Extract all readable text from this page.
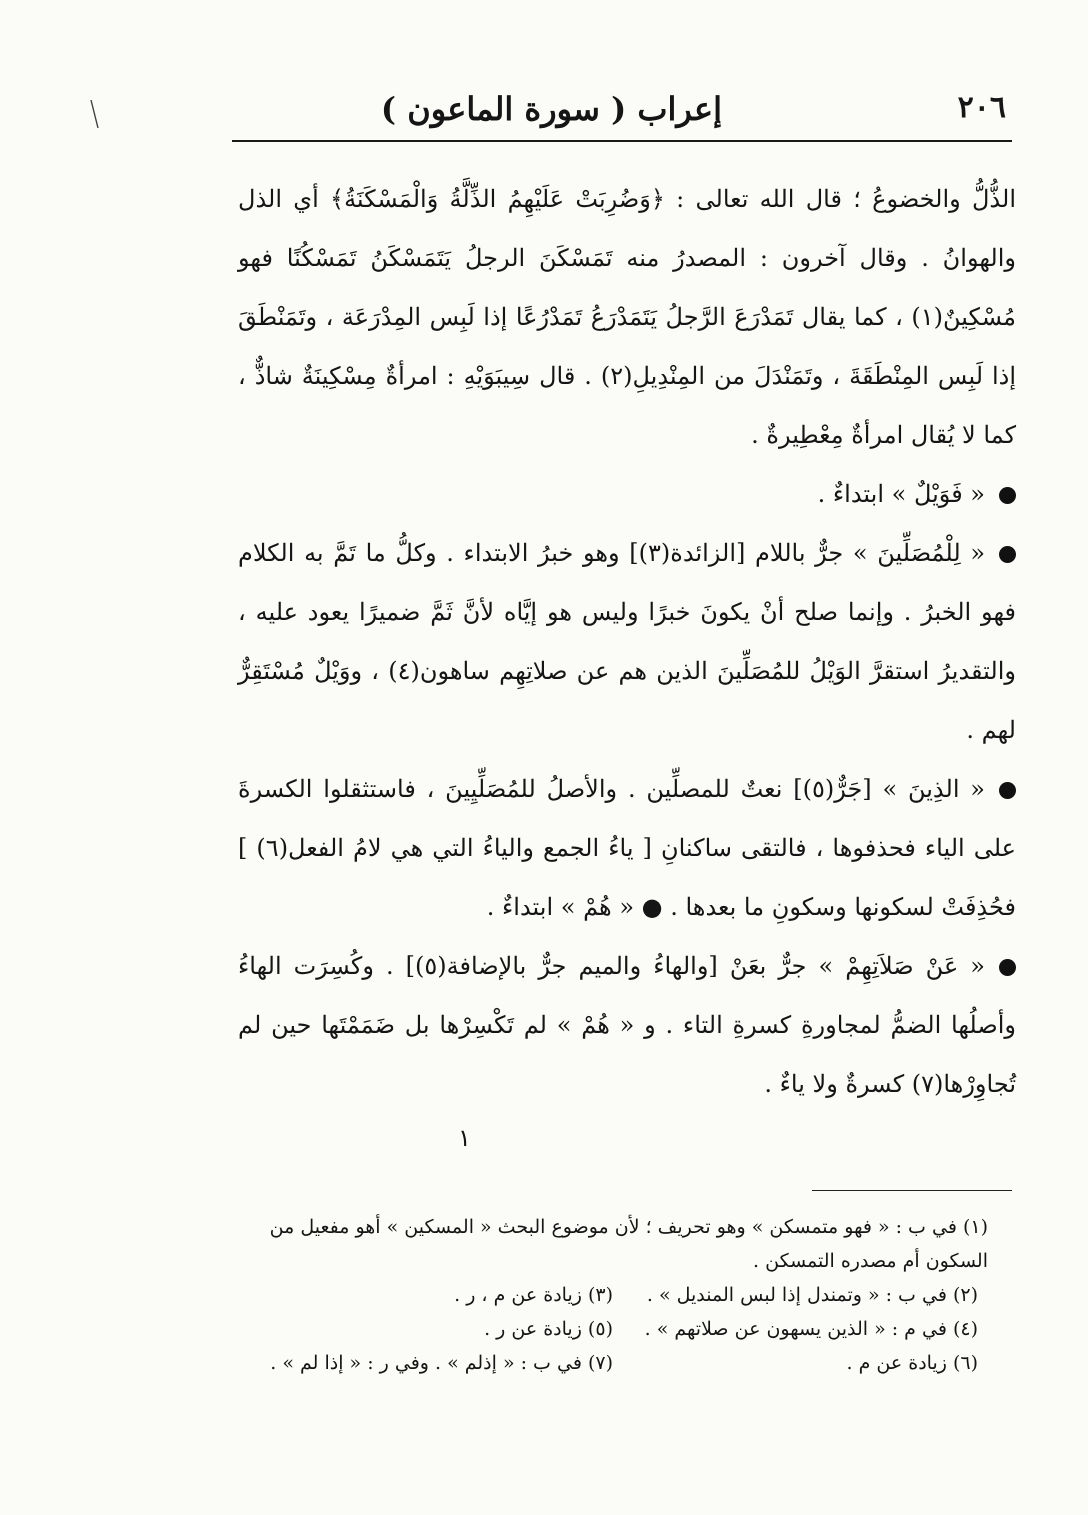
٢٠٦
إعراب ( سورة الماعون )

الذُّلُّ والخضوعُ ؛ قال الله تعالى : ﴿وَضُرِبَتْ عَلَيْهِمُ الذِّلَّةُ وَالْمَسْكَنَةُ﴾ أي الذل والهوانُ . وقال آخرون : المصدرُ منه تَمَسْكَنَ الرجلُ يَتَمَسْكَنُ تَمَسْكُنًا فهو مُسْكِينٌ(١) ، كما يقال تَمَدْرَعَ الرَّجلُ يَتَمَدْرَعُ تَمَدْرُعًا إذا لَبِس المِدْرَعَة ، وتَمَنْطَقَ إذا لَبِس المِنْطَقَةَ ، وتَمَنْدَلَ من المِنْدِيلِ(٢) . قال سِيبَوَيْهِ : امرأةٌ مِسْكِينَةٌ شاذٌّ ، كما لا يُقال امرأةٌ مِعْطِيرةٌ .

« فَوَيْلٌ » ابتداءٌ .

« لِلْمُصَلِّينَ » جرٌّ باللام [الزائدة(٣)] وهو خبرُ الابتداء . وكلُّ ما تَمَّ به الكلام فهو الخبرُ . وإنما صلح أنْ يكونَ خبرًا وليس هو إيَّاه لأنَّ ثَمَّ ضميرًا يعود عليه ، والتقديرُ استقرَّ الوَيْلُ للمُصَلِّينَ الذين هم عن صلاتِهِم ساهون(٤) ، ووَيْلٌ مُسْتَقِرٌّ لهم .

« الذِينَ » [جَرٌّ(٥)] نعتٌ للمصلِّين . والأصلُ للمُصَلِّيِينَ ، فاستثقلوا الكسرةَ على الياء فحذفوها ، فالتقى ساكنانِ [ ياءُ الجمع والياءُ التي هي لامُ الفعل(٦) ] فحُذِفَتْ لسكونها وسكونِ ما بعدها . ● « هُمْ » ابتداءٌ .

« عَنْ صَلاَتِهِمْ » جرٌّ بعَنْ [والهاءُ والميم جرٌّ بالإضافة(٥)] . وكُسِرَت الهاءُ وأصلُها الضمُّ لمجاورةِ كسرةِ التاء . و « هُمْ » لم تَكْسِرْها بل ضَمَمْتَها حين لم تُجاوِرْها(٧) كسرةٌ ولا ياءٌ .

١

(١) في ب : « فهو متمسكن » وهو تحريف ؛ لأن موضوع البحث « المسكين » أهو مفعيل من السكون أم مصدره التمسكن .

(٣) زيادة عن م ، ر .	(٢) في ب : « وتمندل إذا لبس المنديل » .
(٥) زيادة عن ر .	(٤) في م : « الذين يسهون عن صلاتهم » .
(٧) في ب : « إذلم » . وفي ر : « إذا لم » .	(٦) زيادة عن م .
